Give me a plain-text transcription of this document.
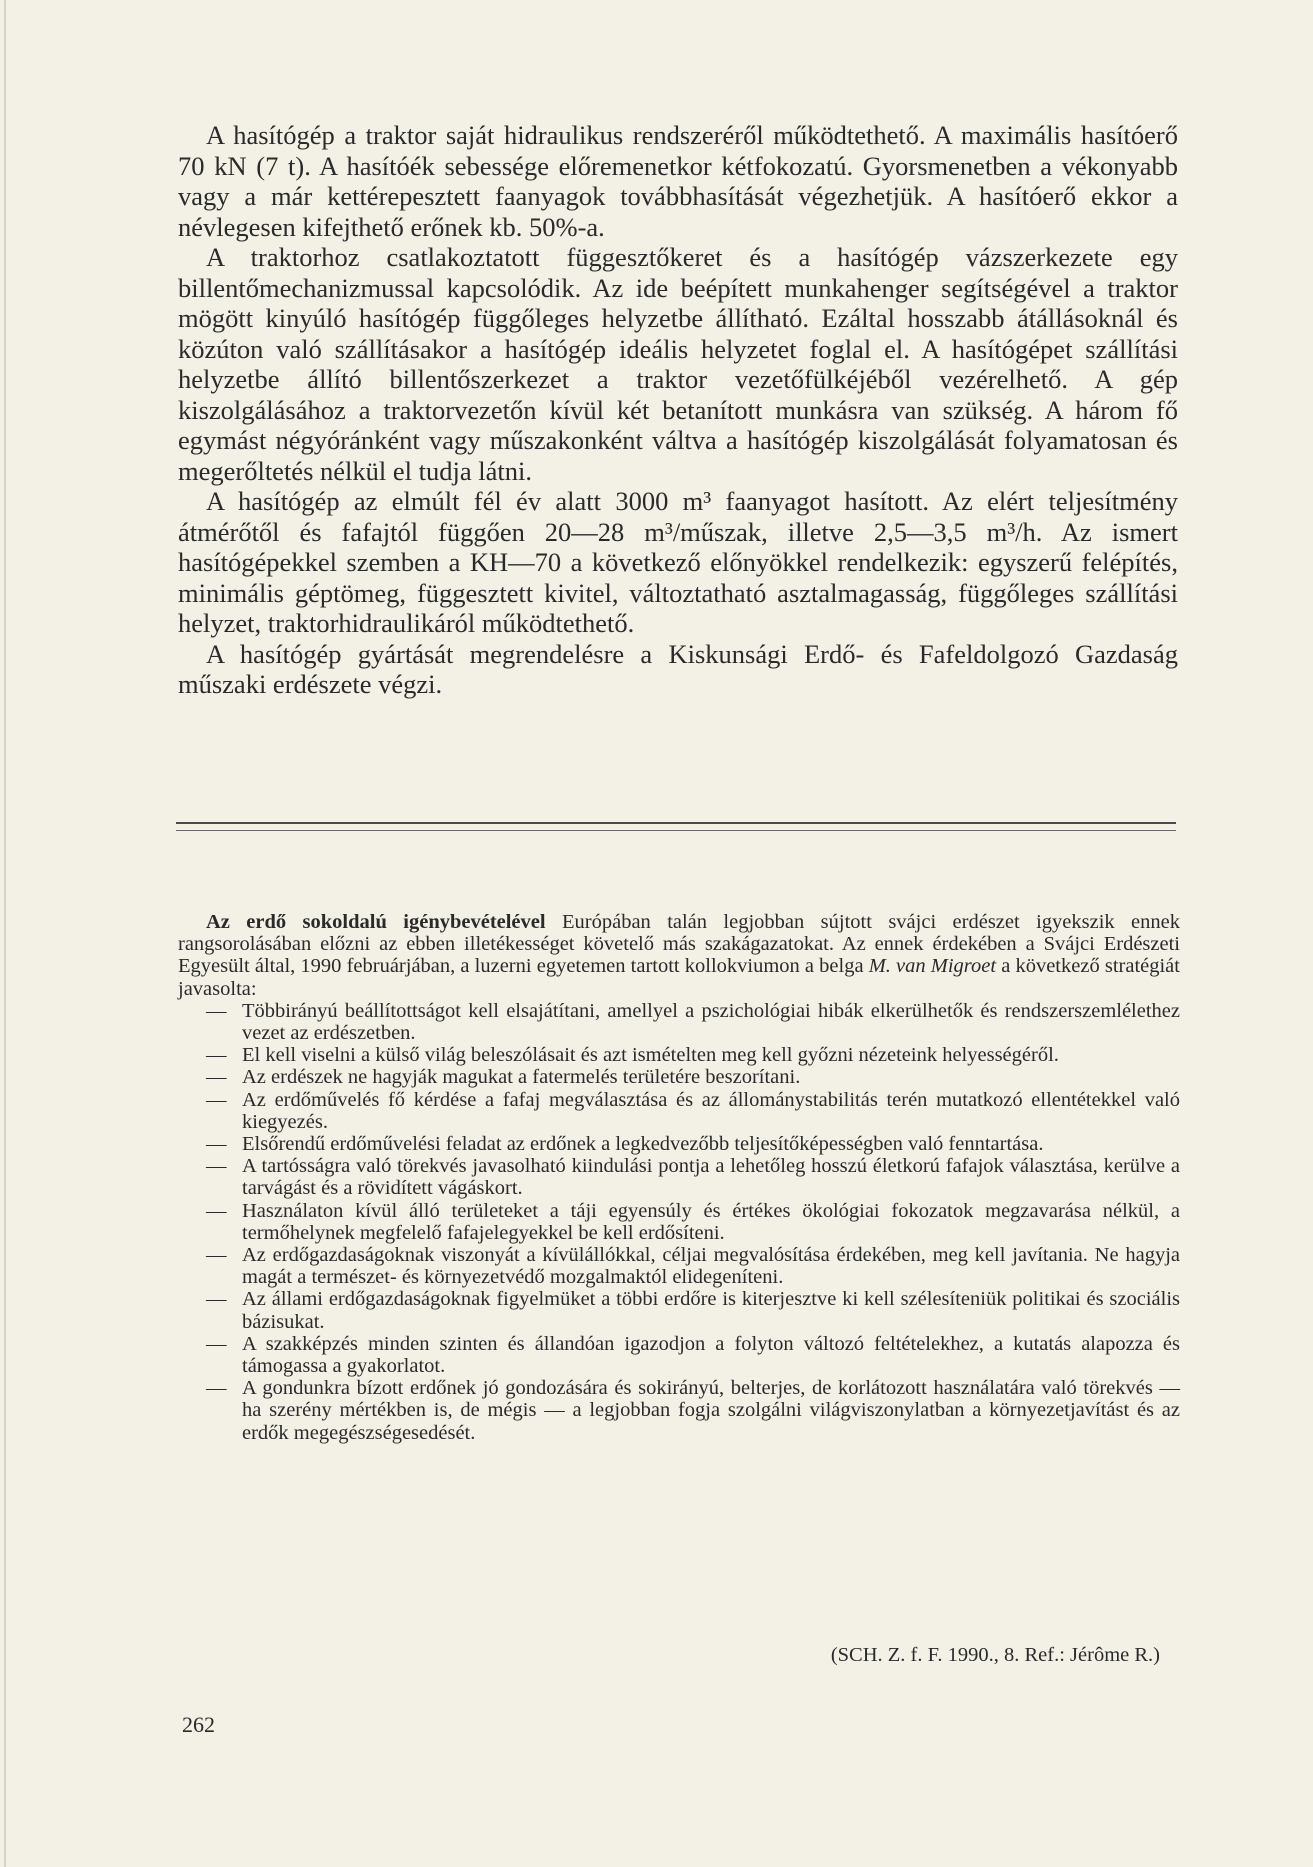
A hasítógép a traktor saját hidraulikus rendszeréről működtethető. A maximális hasítóerő 70 kN (7 t). A hasítóék sebessége előremenetkor kétfokozatú. Gyorsmenetben a vékonyabb vagy a már kettérepesztett faanyagok továbbhasítását végezhetjük. A hasítóerő ekkor a névlegesen kifejthető erőnek kb. 50%-a.

A traktorhoz csatlakoztatott függesztőkeret és a hasítógép vázszerkezete egy billentőmechanizmussal kapcsolódik. Az ide beépített munkahenger segítségével a traktor mögött kinyúló hasítógép függőleges helyzetbe állítható. Ezáltal hosszabb átállásoknál és közúton való szállításakor a hasítógép ideális helyzetet foglal el. A hasítógépet szállítási helyzetbe állító billentőszerkezet a traktor vezetőfülkéjéből vezérelhető. A gép kiszolgálásához a traktorvezetőn kívül két betanított munkásra van szükség. A három fő egymást négyóránként vagy műszakonként váltva a hasítógép kiszolgálását folyamatosan és megerőltetés nélkül el tudja látni.

A hasítógép az elmúlt fél év alatt 3000 m³ faanyagot hasított. Az elért teljesítmény átmérőtől és fafajtól függően 20—28 m³/műszak, illetve 2,5—3,5 m³/h. Az ismert hasítógépekkel szemben a KH—70 a következő előnyökkel rendelkezik: egyszerű felépítés, minimális géptömeg, függesztett kivitel, változtatható asztalmagasság, függőleges szállítási helyzet, traktorhidraulikáról működtethető.

A hasítógép gyártását megrendelésre a Kiskunsági Erdő- és Fafeldolgozó Gazdaság műszaki erdészete végzi.

Az erdő sokoldalú igénybevételével Európában talán legjobban sújtott svájci erdészet igyekszik ennek rangsorolásában előzni az ebben illetékességet követelő más szakágazatokat. Az ennek érdekében a Svájci Erdészeti Egyesült által, 1990 februárjában, a luzerni egyetemen tartott kollokviumon a belga M. van Migroet a következő stratégiát javasolta:

— Többirányú beállítottságot kell elsajátítani, amellyel a pszichológiai hibák elkerülhetők és rendszerszemlélethez vezet az erdészetben.
— El kell viselni a külső világ beleszólásait és azt ismételten meg kell győzni nézeteink helyességéről.
— Az erdészek ne hagyják magukat a fatermelés területére beszorítani.
— Az erdőművelés fő kérdése a fafaj megválasztása és az állománystabilitás terén mutatkozó ellentétekkel való kiegyezés.
— Elsőrendű erdőművelési feladat az erdőnek a legkedvezőbb teljesítőképességben való fenntartása.
— A tartósságra való törekvés javasolható kiindulási pontja a lehetőleg hosszú életkorú fafajok választása, kerülve a tarvágást és a rövidített vágáskort.
— Használaton kívül álló területeket a táji egyensúly és értékes ökológiai fokozatok megzavarása nélkül, a termőhelynek megfelelő fafajelegyekkel be kell erdősíteni.
— Az erdőgazdaságoknak viszonyát a kívülállókkal, céljai megvalósítása érdekében, meg kell javítania. Ne hagyja magát a természet- és környezetvédő mozgalmaktól elidegeníteni.
— Az állami erdőgazdaságoknak figyelmüket a többi erdőre is kiterjesztve ki kell szélesíteniük politikai és szociális bázisukat.
— A szakképzés minden szinten és állandóan igazodjon a folyton változó feltételekhez, a kutatás alapozza és támogassa a gyakorlatot.
— A gondunkra bízott erdőnek jó gondozására és sokirányú, belterjes, de korlátozott használatára való törekvés — ha szerény mértékben is, de mégis — a legjobban fogja szolgálni világviszonylatban a környezetjavítást és az erdők megegészségesedését.
(SCH. Z. f. F. 1990., 8. Ref.: Jérôme R.)
262
